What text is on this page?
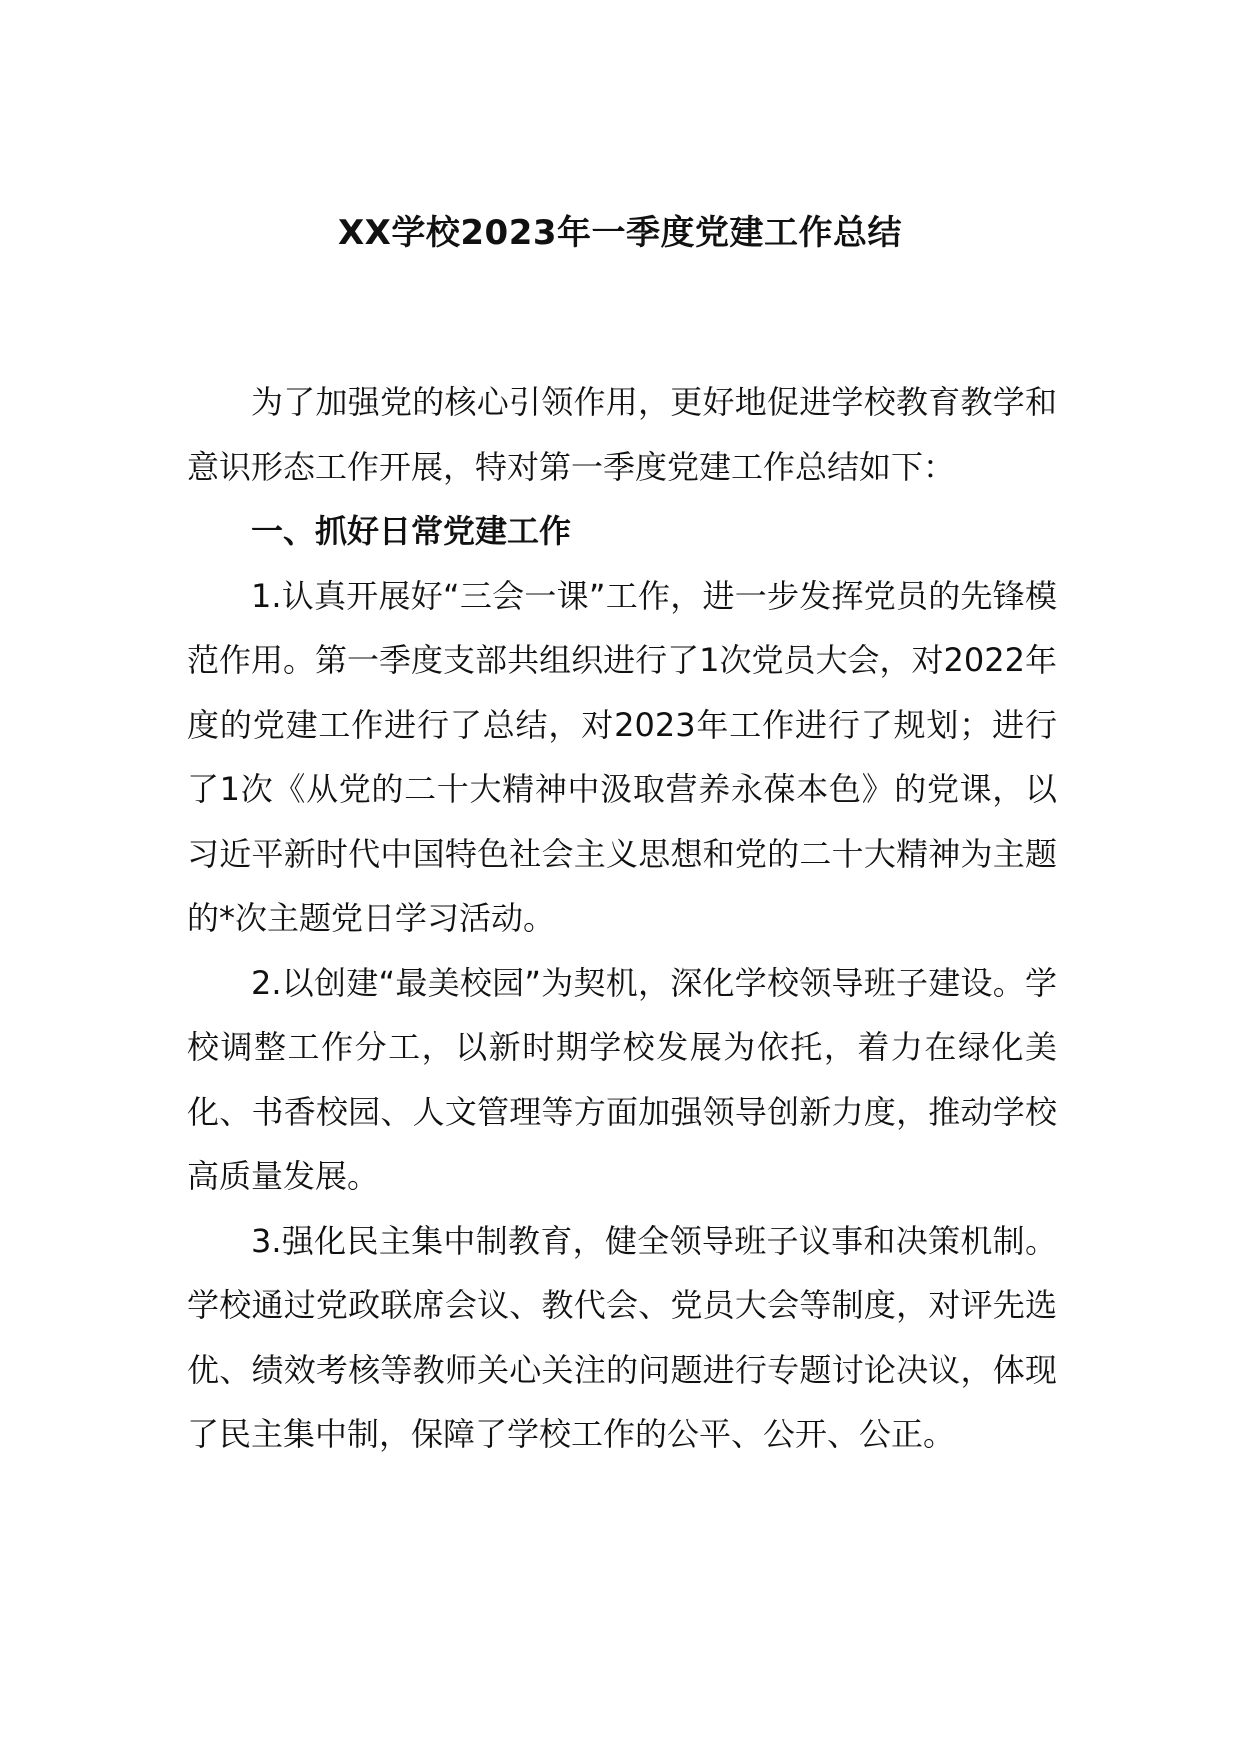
XX学校2023年一季度党建工作总结

为了加强党的核心引领作用，更好地促进学校教育教学和意识形态工作开展，特对第一季度党建工作总结如下：

一、抓好日常党建工作

1.认真开展好“三会一课”工作，进一步发挥党员的先锋模范作用。第一季度支部共组织进行了1次党员大会，对2022年度的党建工作进行了总结，对2023年工作进行了规划；进行了1次《从党的二十大精神中汲取营养永葆本色》的党课，以习近平新时代中国特色社会主义思想和党的二十大精神为主题的*次主题党日学习活动。

2.以创建“最美校园”为契机，深化学校领导班子建设。学校调整工作分工，以新时期学校发展为依托，着力在绿化美化、书香校园、人文管理等方面加强领导创新力度，推动学校高质量发展。

3.强化民主集中制教育，健全领导班子议事和决策机制。学校通过党政联席会议、教代会、党员大会等制度，对评先选优、绩效考核等教师关心关注的问题进行专题讨论决议，体现了民主集中制，保障了学校工作的公平、公开、公正。
